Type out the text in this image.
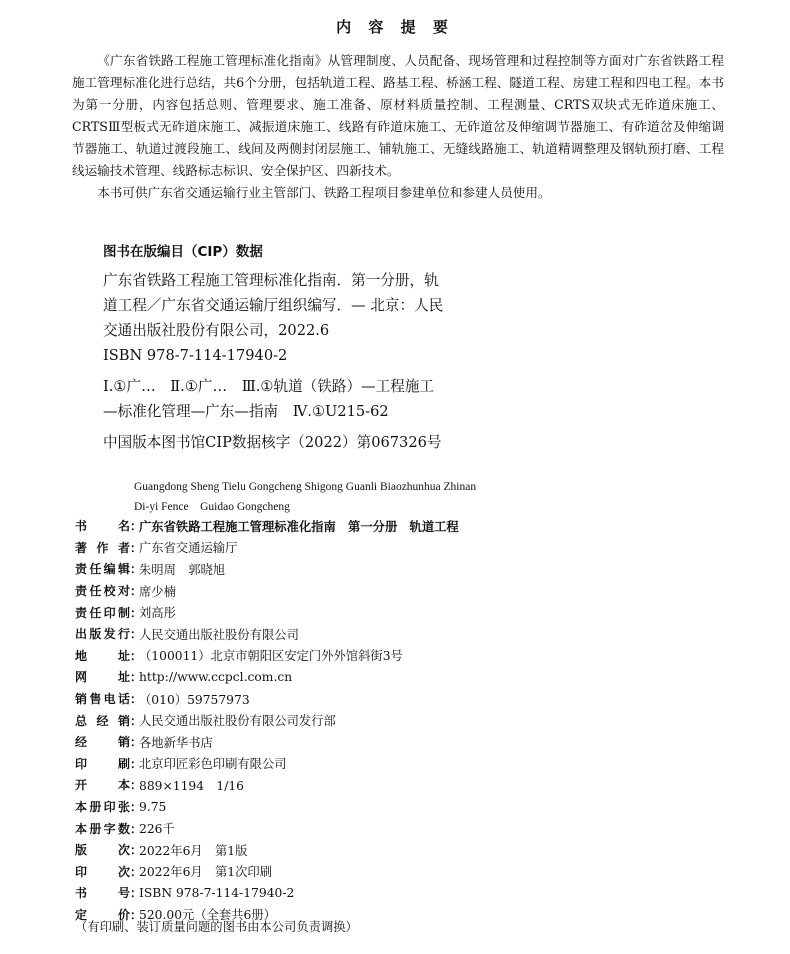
内 容 提 要

《广东省铁路工程施工管理标准化指南》从管理制度、人员配备、现场管理和过程控制等方面对广东省铁路工程施工管理标准化进行总结，共6个分册，包括轨道工程、路基工程、桥涵工程、隧道工程、房建工程和四电工程。本书为第一分册，内容包括总则、管理要求、施工准备、原材料质量控制、工程测量、CRTS双块式无砟道床施工、CRTSⅢ型板式无砟道床施工、减振道床施工、线路有砟道床施工、无砟道岔及伸缩调节器施工、有砟道岔及伸缩调节器施工、轨道过渡段施工、线间及两侧封闭层施工、铺轨施工、无缝线路施工、轨道精调整理及钢轨预打磨、工程线运输技术管理、线路标志标识、安全保护区、四新技术。

本书可供广东省交通运输行业主管部门、铁路工程项目参建单位和参建人员使用。

图书在版编目（CIP）数据
广东省铁路工程施工管理标准化指南．第一分册，轨
道工程／广东省交通运输厅组织编写．— 北京：人民
交通出版社股份有限公司，2022.6
ISBN 978-7-114-17940-2
Ⅰ.①广…　Ⅱ.①广…　Ⅲ.①轨道（铁路）—工程施工
—标准化管理—广东—指南　Ⅳ.①U215-62
中国版本图书馆CIP数据核字（2022）第067326号
Guangdong Sheng Tielu Gongcheng Shigong Guanli Biaozhunhua Zhinan
Di-yi Fence　Guidao Gongcheng
书名 ：
广东省铁路工程施工管理标准化指南　第一分册　轨道工程
著作者 ：
广东省交通运输厅
责任编辑 ：
朱明周　郭晓旭
责任校对 ：
席少楠
责任印制 ：
刘高彤
出版发行 ：
人民交通出版社股份有限公司
地址 ：
（100011）北京市朝阳区安定门外外馆斜街3号
网址 ：
http://www.ccpcl.com.cn
销售电话 ：
（010）59757973
总经销 ：
人民交通出版社股份有限公司发行部
经销 ：
各地新华书店
印刷 ：
北京印匠彩色印刷有限公司
开本 ：
889×1194　1/16
本册印张 ：
9.75
本册字数 ：
226千
版次 ：
2022年6月　第1版
印次 ：
2022年6月　第1次印刷
书号 ：
ISBN 978-7-114-17940-2
定价 ：
520.00元（全套共6册）
（有印刷、装订质量问题的图书由本公司负责调换）
